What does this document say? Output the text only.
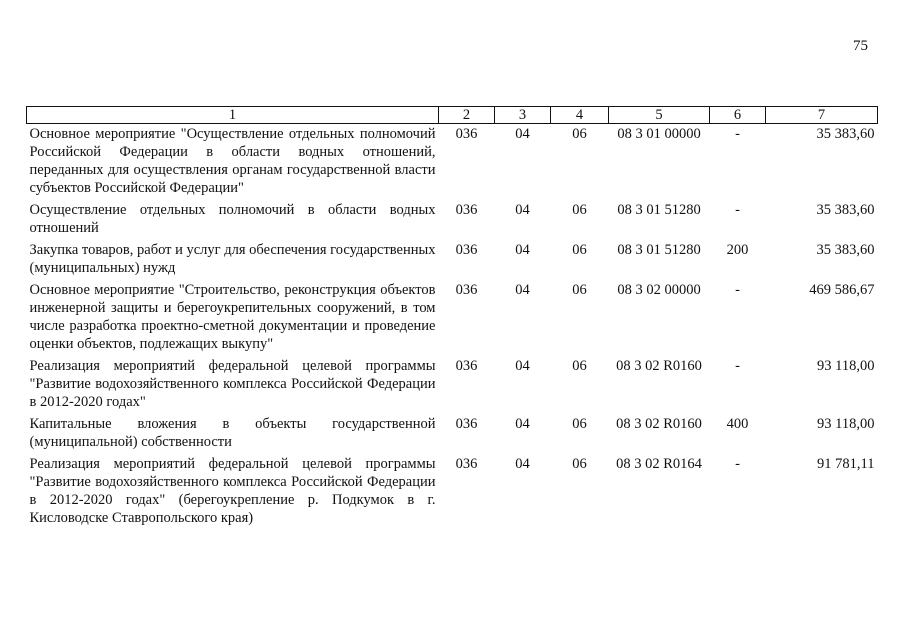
75
1	2	3	4	5	6	7
Основное мероприятие "Осуществление отдельных полномочий Российской Федерации в области водных отношений, переданных для осуществления органам государственной власти субъектов Российской Федерации"	036	04	06	08 3 01 00000	-	35 383,60
Осуществление отдельных полномочий в области водных отношений	036	04	06	08 3 01 51280	-	35 383,60
Закупка товаров, работ и услуг для обеспечения государственных (муниципальных) нужд	036	04	06	08 3 01 51280	200	35 383,60
Основное мероприятие "Строительство, реконструкция объектов инженерной защиты и берегоукрепительных сооружений, в том числе разработка проектно-сметной документации и проведение оценки объектов, подлежащих выкупу"	036	04	06	08 3 02 00000	-	469 586,67
Реализация мероприятий федеральной целевой программы "Развитие водохозяйственного комплекса Российской Федерации в 2012-2020 годах"	036	04	06	08 3 02 R0160	-	93 118,00
Капитальные вложения в объекты государственной (муниципальной) собственности	036	04	06	08 3 02 R0160	400	93 118,00
Реализация мероприятий федеральной целевой программы "Развитие водохозяйственного комплекса Российской Федерации в 2012-2020 годах" (берегоукрепление р. Подкумок в г. Кисловодске Ставропольского края)	036	04	06	08 3 02 R0164	-	91 781,11
